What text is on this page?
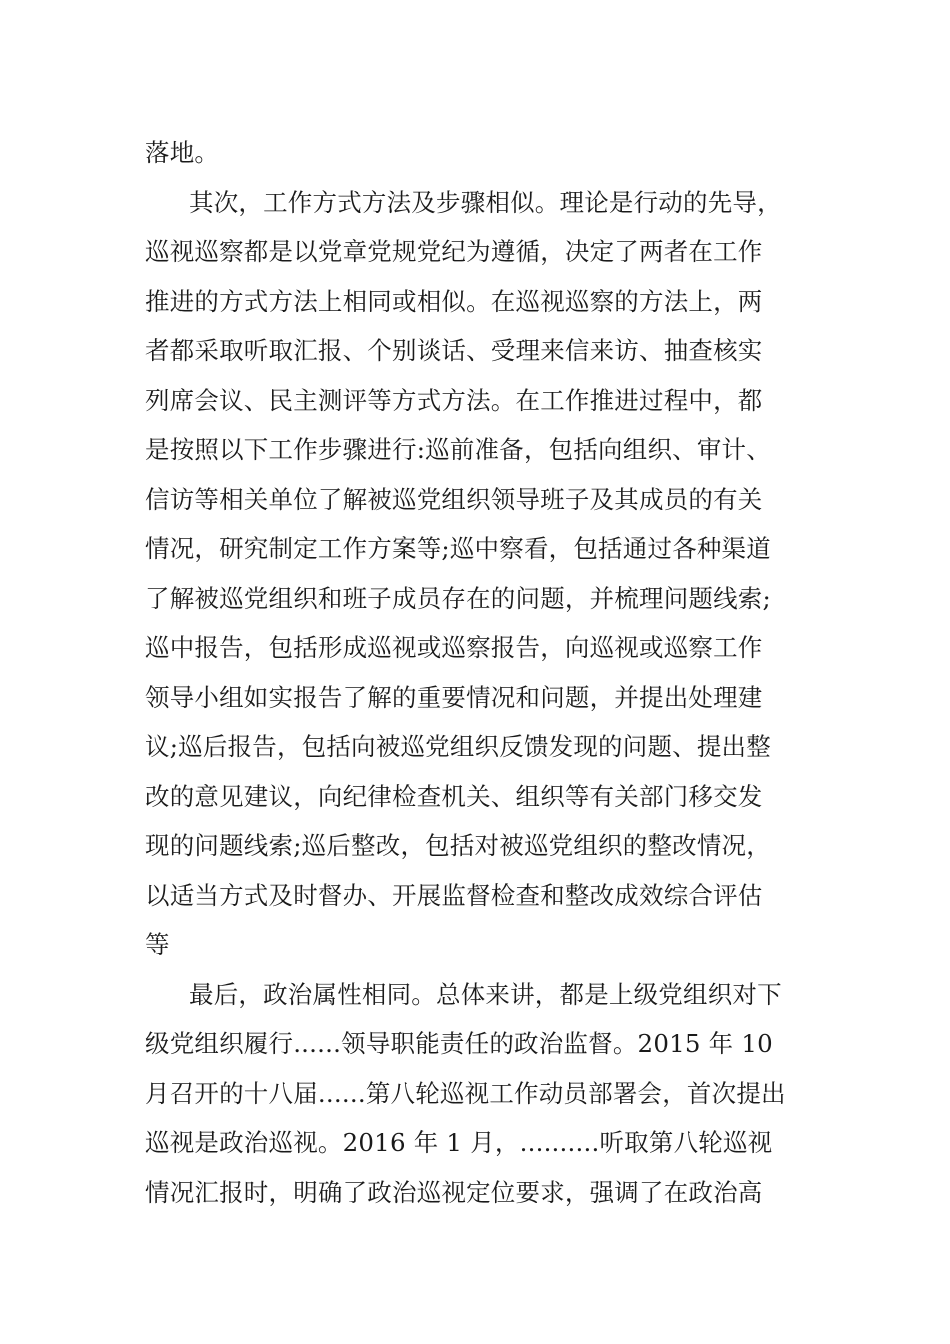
落地。
其次，工作方式方法及步骤相似。理论是行动的先导，
巡视巡察都是以党章党规党纪为遵循，决定了两者在工作
推进的方式方法上相同或相似。在巡视巡察的方法上，两
者都采取听取汇报、个别谈话、受理来信来访、抽查核实
列席会议、民主测评等方式方法。在工作推进过程中，都
是按照以下工作步骤进行:巡前准备，包括向组织、审计、
信访等相关单位了解被巡党组织领导班子及其成员的有关
情况，研究制定工作方案等;巡中察看，包括通过各种渠道
了解被巡党组织和班子成员存在的问题，并梳理问题线索;
巡中报告，包括形成巡视或巡察报告，向巡视或巡察工作
领导小组如实报告了解的重要情况和问题，并提出处理建
议;巡后报告，包括向被巡党组织反馈发现的问题、提出整
改的意见建议，向纪律检查机关、组织等有关部门移交发
现的问题线索;巡后整改，包括对被巡党组织的整改情况，
以适当方式及时督办、开展监督检查和整改成效综合评估
等
最后，政治属性相同。总体来讲，都是上级党组织对下
级党组织履行......领导职能责任的政治监督。2015 年 10
月召开的十八届......第八轮巡视工作动员部署会，首次提出
巡视是政治巡视。2016 年 1 月，..........听取第八轮巡视
情况汇报时，明确了政治巡视定位要求，强调了在政治高
